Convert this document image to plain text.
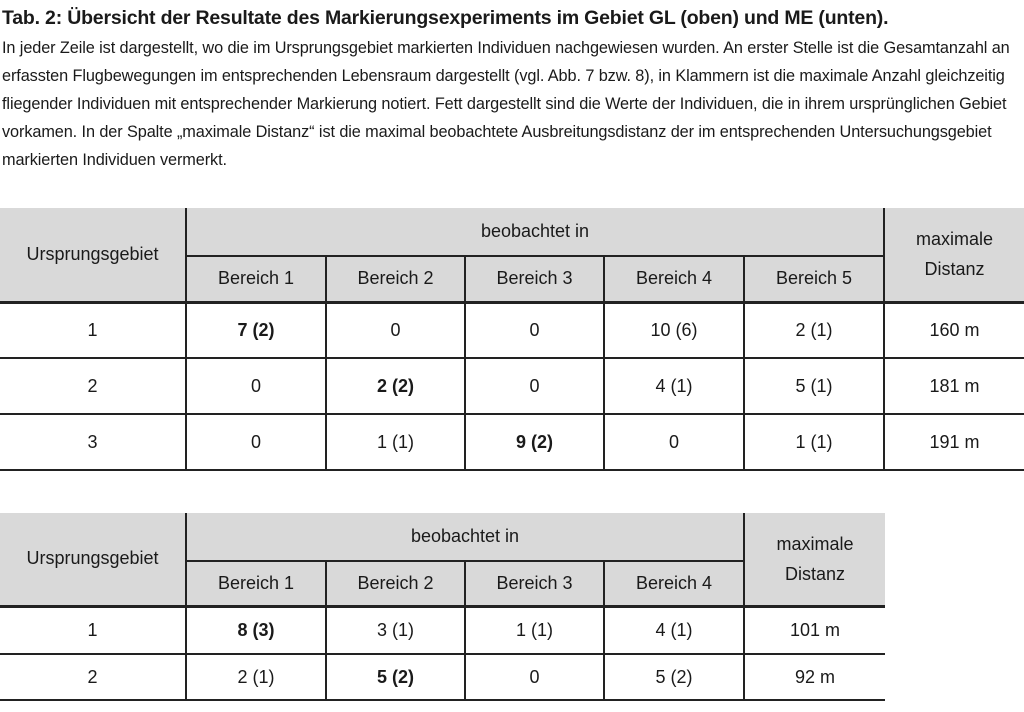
Tab. 2: Übersicht der Resultate des Markierungsexperiments im Gebiet GL (oben) und ME (unten).
In jeder Zeile ist dargestellt, wo die im Ursprungsgebiet markierten Individuen nachgewiesen wurden. An erster Stelle ist die Gesamtanzahl an erfassten Flugbewegungen im entsprechenden Lebensraum dargestellt (vgl. Abb. 7 bzw. 8), in Klammern ist die maximale Anzahl gleichzeitig fliegender Individuen mit entsprechender Markierung notiert. Fett dargestellt sind die Werte der Individuen, die in ihrem ursprünglichen Gebiet vorkamen. In der Spalte „maximale Distanz“ ist die maximal beobachtete Ausbreitungsdistanz der im entsprechenden Untersuchungsgebiet markierten Individuen vermerkt.
Ursprungsgebiet	beobachtet in					maximale
Distanz

	Bereich 1	Bereich 2	Bereich 3	Bereich 4	Bereich 5	
1	7 (2)	0	0	10 (6)	2 (1)	160 m
2	0	2 (2)	0	4 (1)	5 (1)	181 m
3	0	1 (1)	9 (2)	0	1 (1)	191 m
Ursprungsgebiet	beobachtet in				maximale
Distanz

	Bereich 1	Bereich 2	Bereich 3	Bereich 4	
1	8 (3)	3 (1)	1 (1)	4 (1)	101 m
2	2 (1)	5 (2)	0	5 (2)	92 m
